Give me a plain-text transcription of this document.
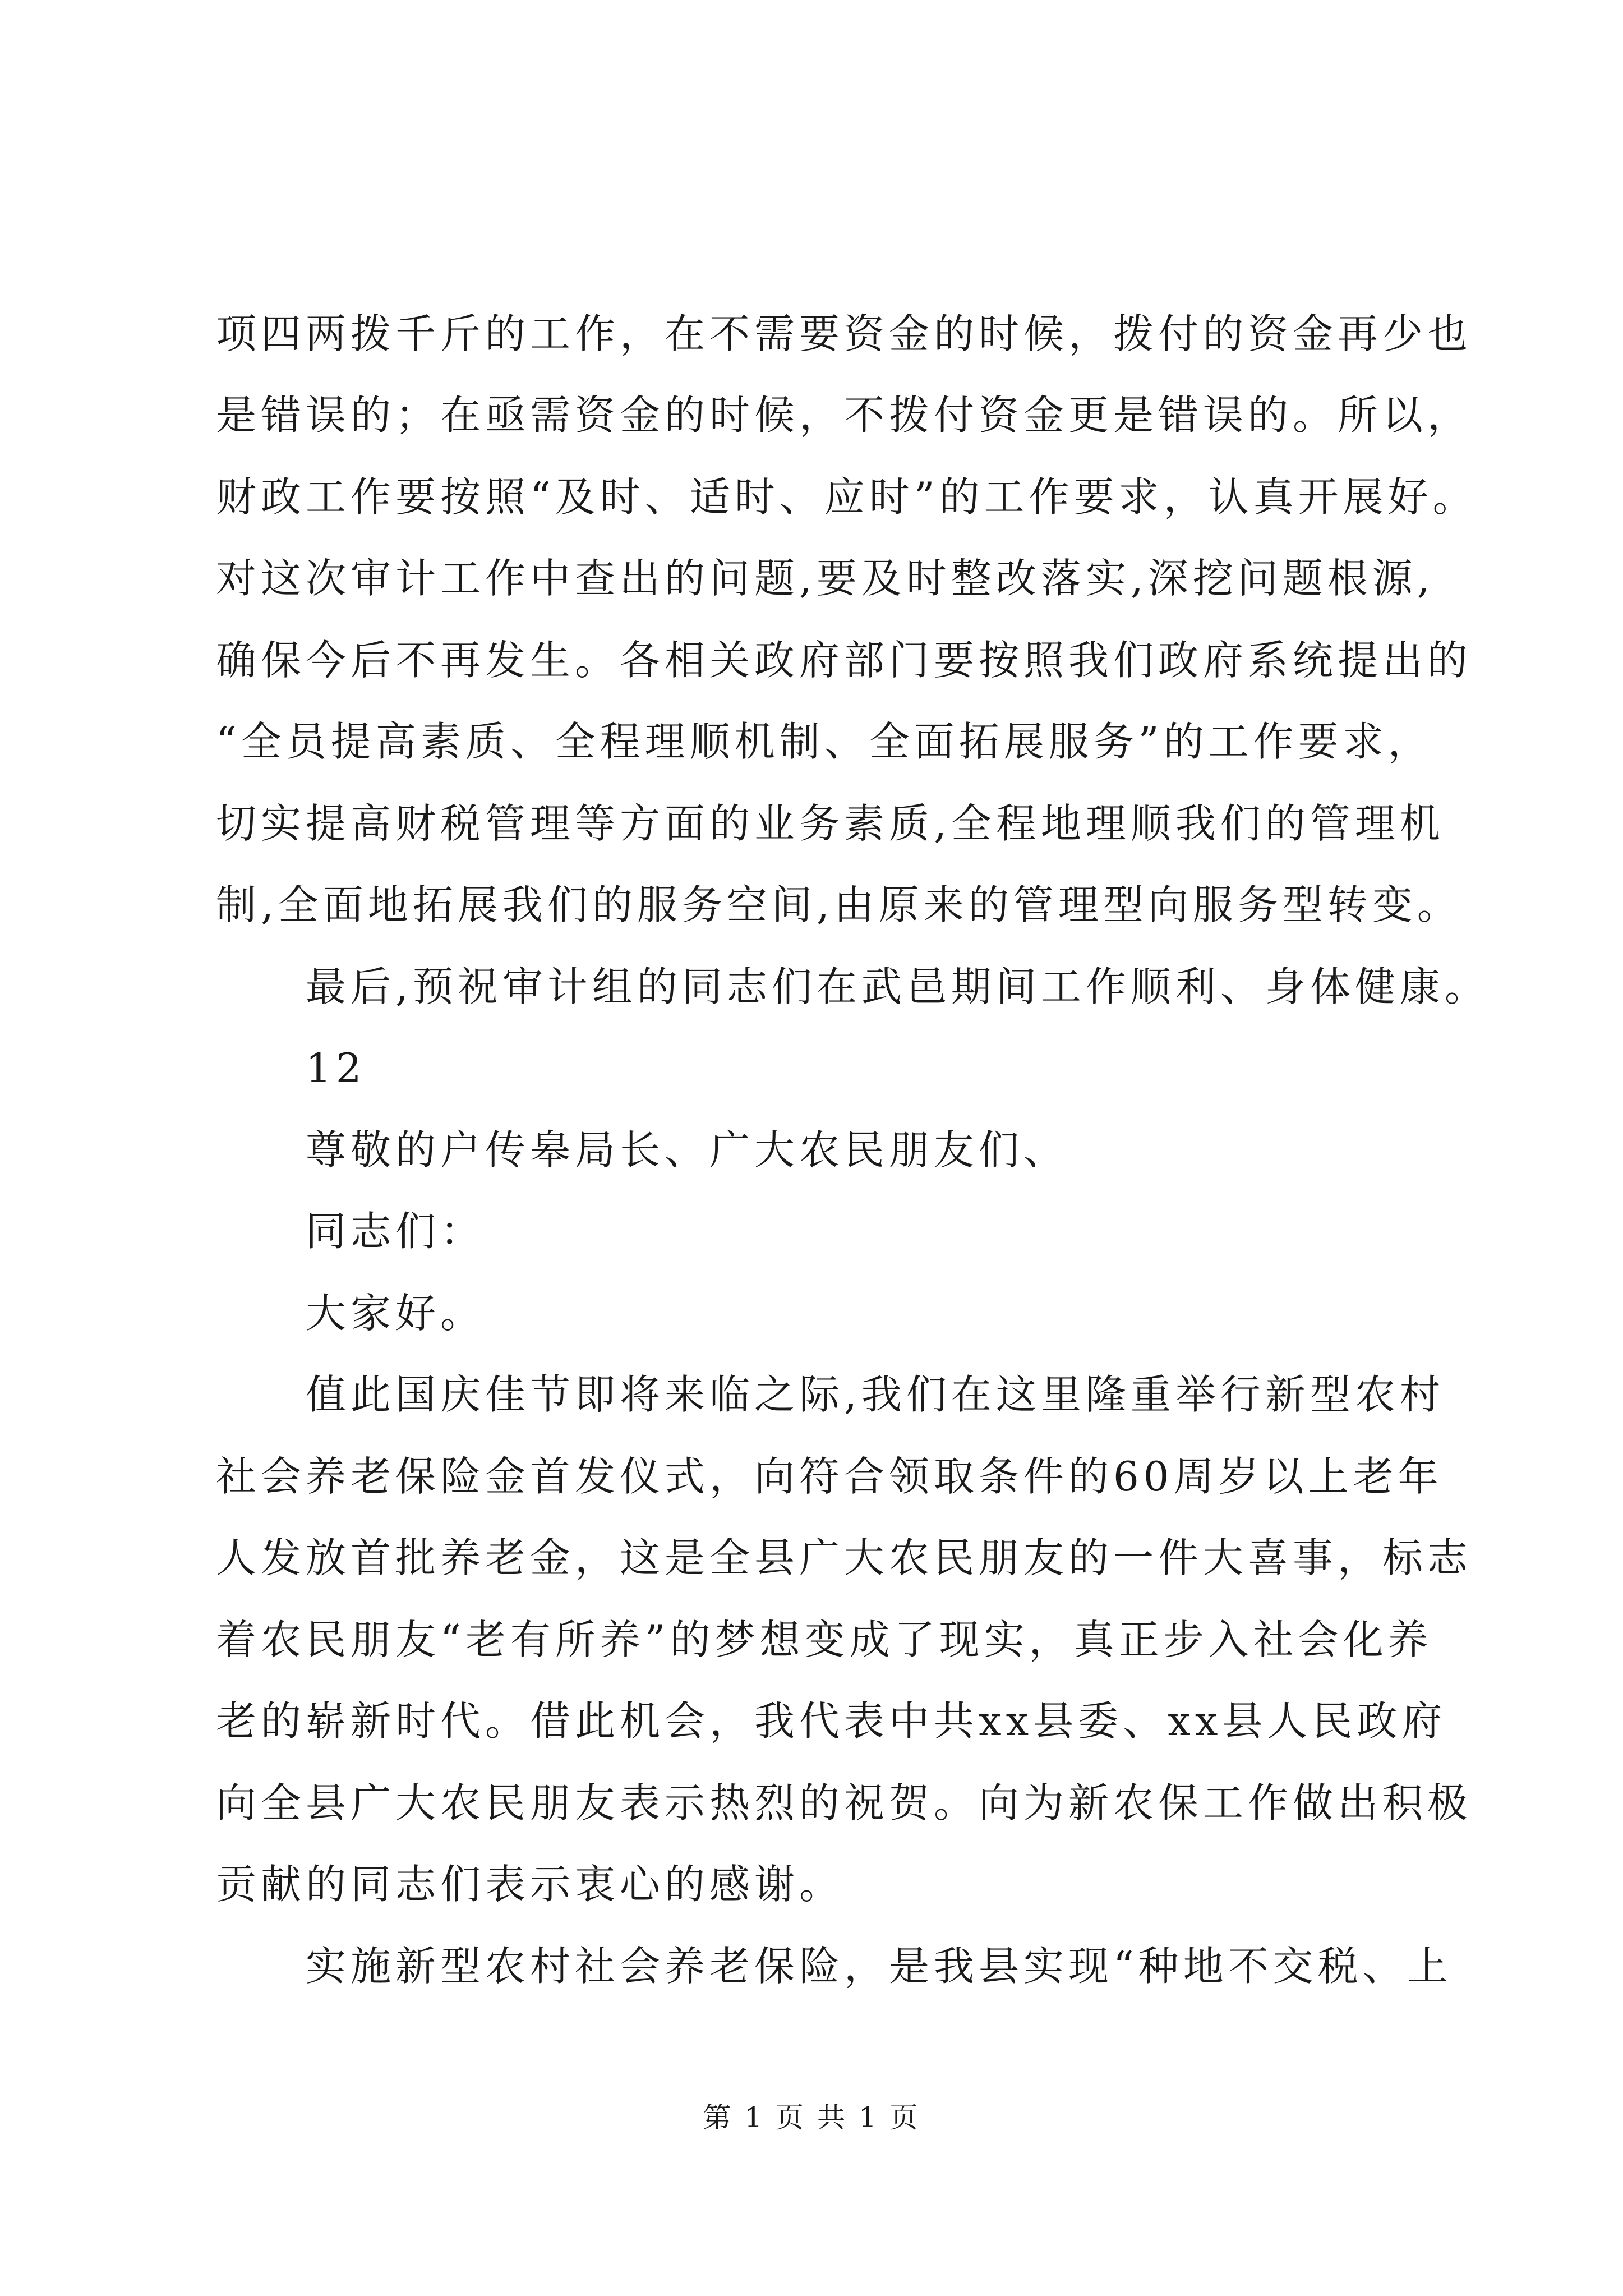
项四两拨千斤的工作，在不需要资金的时候，拨付的资金再少也
是错误的；在亟需资金的时候，不拨付资金更是错误的。所以，
财政工作要按照“及时、适时、应时”的工作要求，认真开展好。
对这次审计工作中查出的问题,要及时整改落实,深挖问题根源,
确保今后不再发生。各相关政府部门要按照我们政府系统提出的
“全员提高素质、全程理顺机制、全面拓展服务”的工作要求，
切实提高财税管理等方面的业务素质,全程地理顺我们的管理机
制,全面地拓展我们的服务空间,由原来的管理型向服务型转变。
最后,预祝审计组的同志们在武邑期间工作顺利、身体健康。
12
尊敬的户传皋局长、广大农民朋友们、
同志们：
大家好。
值此国庆佳节即将来临之际,我们在这里隆重举行新型农村
社会养老保险金首发仪式，向符合领取条件的60周岁以上老年
人发放首批养老金，这是全县广大农民朋友的一件大喜事，标志
着农民朋友“老有所养”的梦想变成了现实，真正步入社会化养
老的崭新时代。借此机会，我代表中共xx县委、xx县人民政府
向全县广大农民朋友表示热烈的祝贺。向为新农保工作做出积极
贡献的同志们表示衷心的感谢。
实施新型农村社会养老保险，是我县实现“种地不交税、上
第 1 页 共 1 页
